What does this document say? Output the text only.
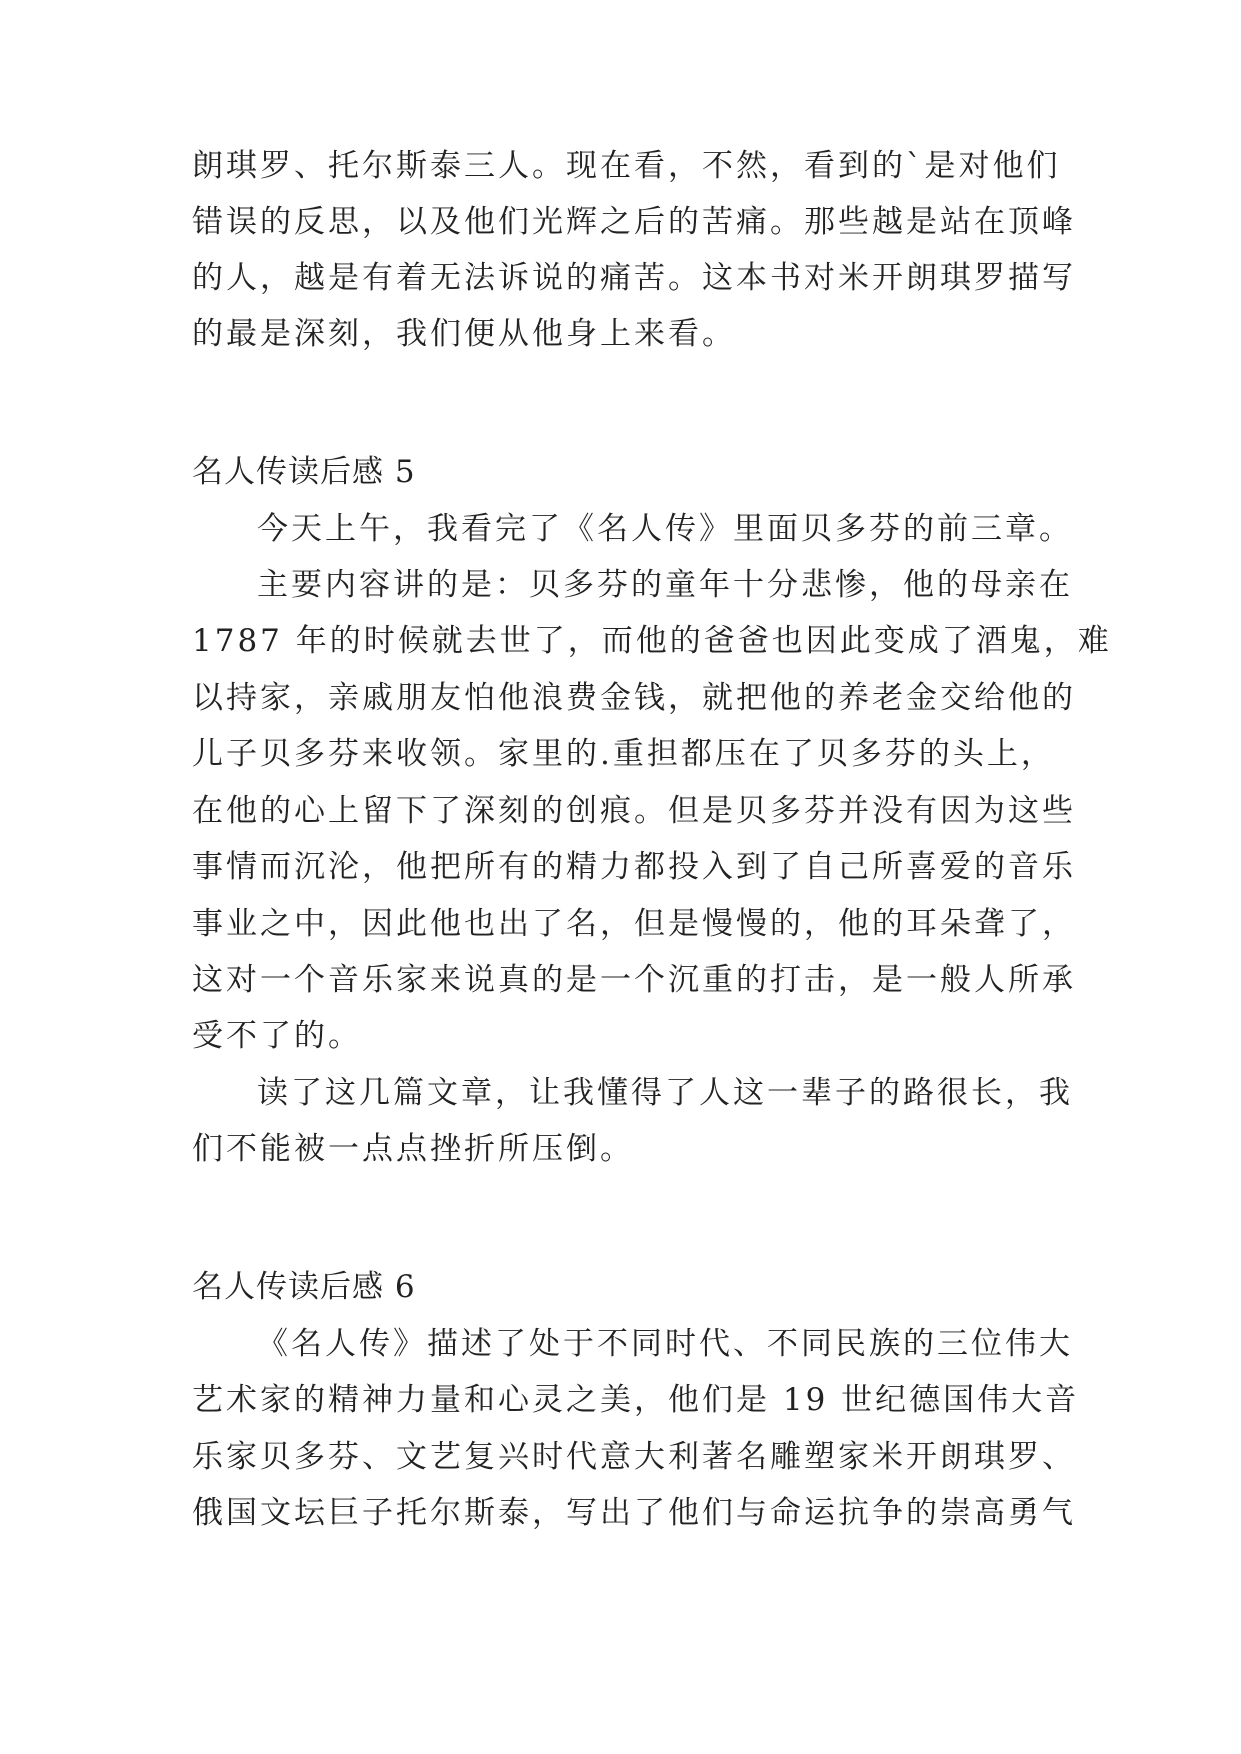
朗琪罗、托尔斯泰三人。现在看，不然，看到的`是对他们
错误的反思，以及他们光辉之后的苦痛。那些越是站在顶峰
的人，越是有着无法诉说的痛苦。这本书对米开朗琪罗描写
的最是深刻，我们便从他身上来看。
名人传读后感 5
今天上午，我看完了《名人传》里面贝多芬的前三章。
主要内容讲的是：贝多芬的童年十分悲惨，他的母亲在
1787 年的时候就去世了，而他的爸爸也因此变成了酒鬼，难
以持家，亲戚朋友怕他浪费金钱，就把他的养老金交给他的
儿子贝多芬来收领。家里的.重担都压在了贝多芬的头上，
在他的心上留下了深刻的创痕。但是贝多芬并没有因为这些
事情而沉沦，他把所有的精力都投入到了自己所喜爱的音乐
事业之中，因此他也出了名，但是慢慢的，他的耳朵聋了，
这对一个音乐家来说真的是一个沉重的打击，是一般人所承
受不了的。
读了这几篇文章，让我懂得了人这一辈子的路很长，我
们不能被一点点挫折所压倒。
名人传读后感 6
《名人传》描述了处于不同时代、不同民族的三位伟大
艺术家的精神力量和心灵之美，他们是 19 世纪德国伟大音
乐家贝多芬、文艺复兴时代意大利著名雕塑家米开朗琪罗、
俄国文坛巨子托尔斯泰，写出了他们与命运抗争的崇高勇气
